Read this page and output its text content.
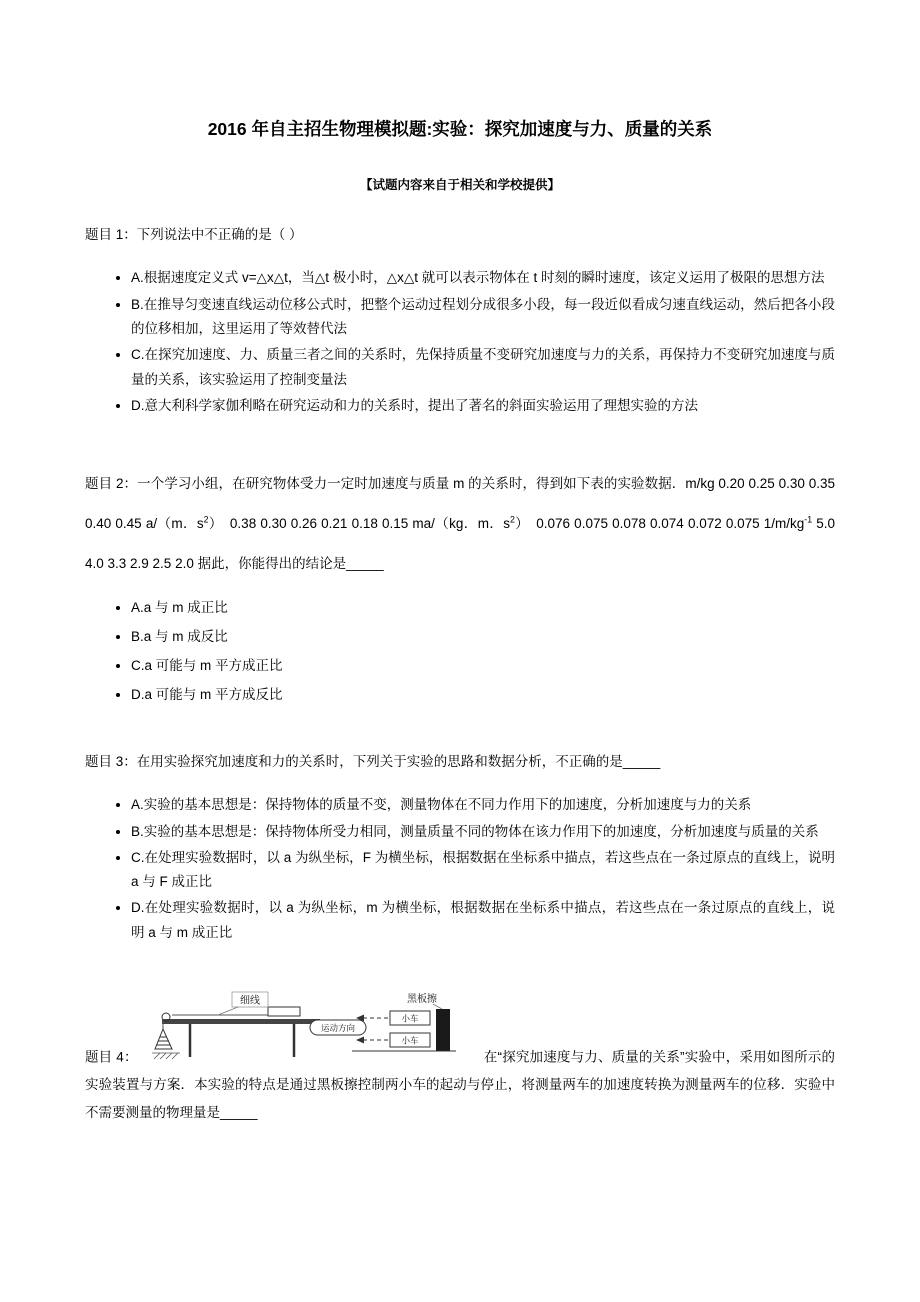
2016 年自主招生物理模拟题:实验：探究加速度与力、质量的关系
【试题内容来自于相关和学校提供】

题目 1：下列说法中不正确的是（ ）

• A.根据速度定义式 v=△x△t，当△t 极小时，△x△t 就可以表示物体在 t 时刻的瞬时速度，该定义运用了极限的思想方法
• B.在推导匀变速直线运动位移公式时，把整个运动过程划分成很多小段，每一段近似看成匀速直线运动，然后把各小段的位移相加，这里运用了等效替代法
• C.在探究加速度、力、质量三者之间的关系时，先保持质量不变研究加速度与力的关系，再保持力不变研究加速度与质量的关系，该实验运用了控制变量法
• D.意大利科学家伽利略在研究运动和力的关系时，提出了著名的斜面实验运用了理想实验的方法

题目 2：一个学习小组，在研究物体受力一定时加速度与质量 m 的关系时，得到如下表的实验数据．m/kg 0.20 0.25 0.30 0.35 0.40 0.45 a/（m．$s^2$）　0.38 0.30 0.26 0.21 0.18 0.15 ma/（kg．m．$s^2$）　0.076 0.075 0.078 0.074 0.072 0.075 $1/m/kg^{-1}$ 5.0 4.0 3.3 2.9 2.5 2.0 据此，你能得出的结论是_____

• A.a 与 m 成正比
• B.a 与 m 成反比
• C.a 可能与 m 平方成正比
• D.a 可能与 m 平方成反比

题目 3：在用实验探究加速度和力的关系时，下列关于实验的思路和数据分析，不正确的是_____

• A.实验的基本思想是：保持物体的质量不变，测量物体在不同力作用下的加速度，分析加速度与力的关系
• B.实验的基本思想是：保持物体所受力相同，测量质量不同的物体在该力作用下的加速度，分析加速度与质量的关系
• C.在处理实验数据时，以 a 为纵坐标，F 为横坐标，根据数据在坐标系中描点，若这些点在一条过原点的直线上，说明 a 与 F 成正比
• D.在处理实验数据时，以 a 为纵坐标，m 为横坐标，根据数据在坐标系中描点，若这些点在一条过原点的直线上，说明 a 与 m 成正比
题目 4：
细线
运动方向
小车
小车
黑板擦
在“探究加速度与力、质量的关系”实验中，采用如图所示的实验装置与方案．本实验的特点是通过黑板擦控制两小车的起动与停止，将测量两车的加速度转换为测量两车的位移．实验中不需要测量的物理量是_____
